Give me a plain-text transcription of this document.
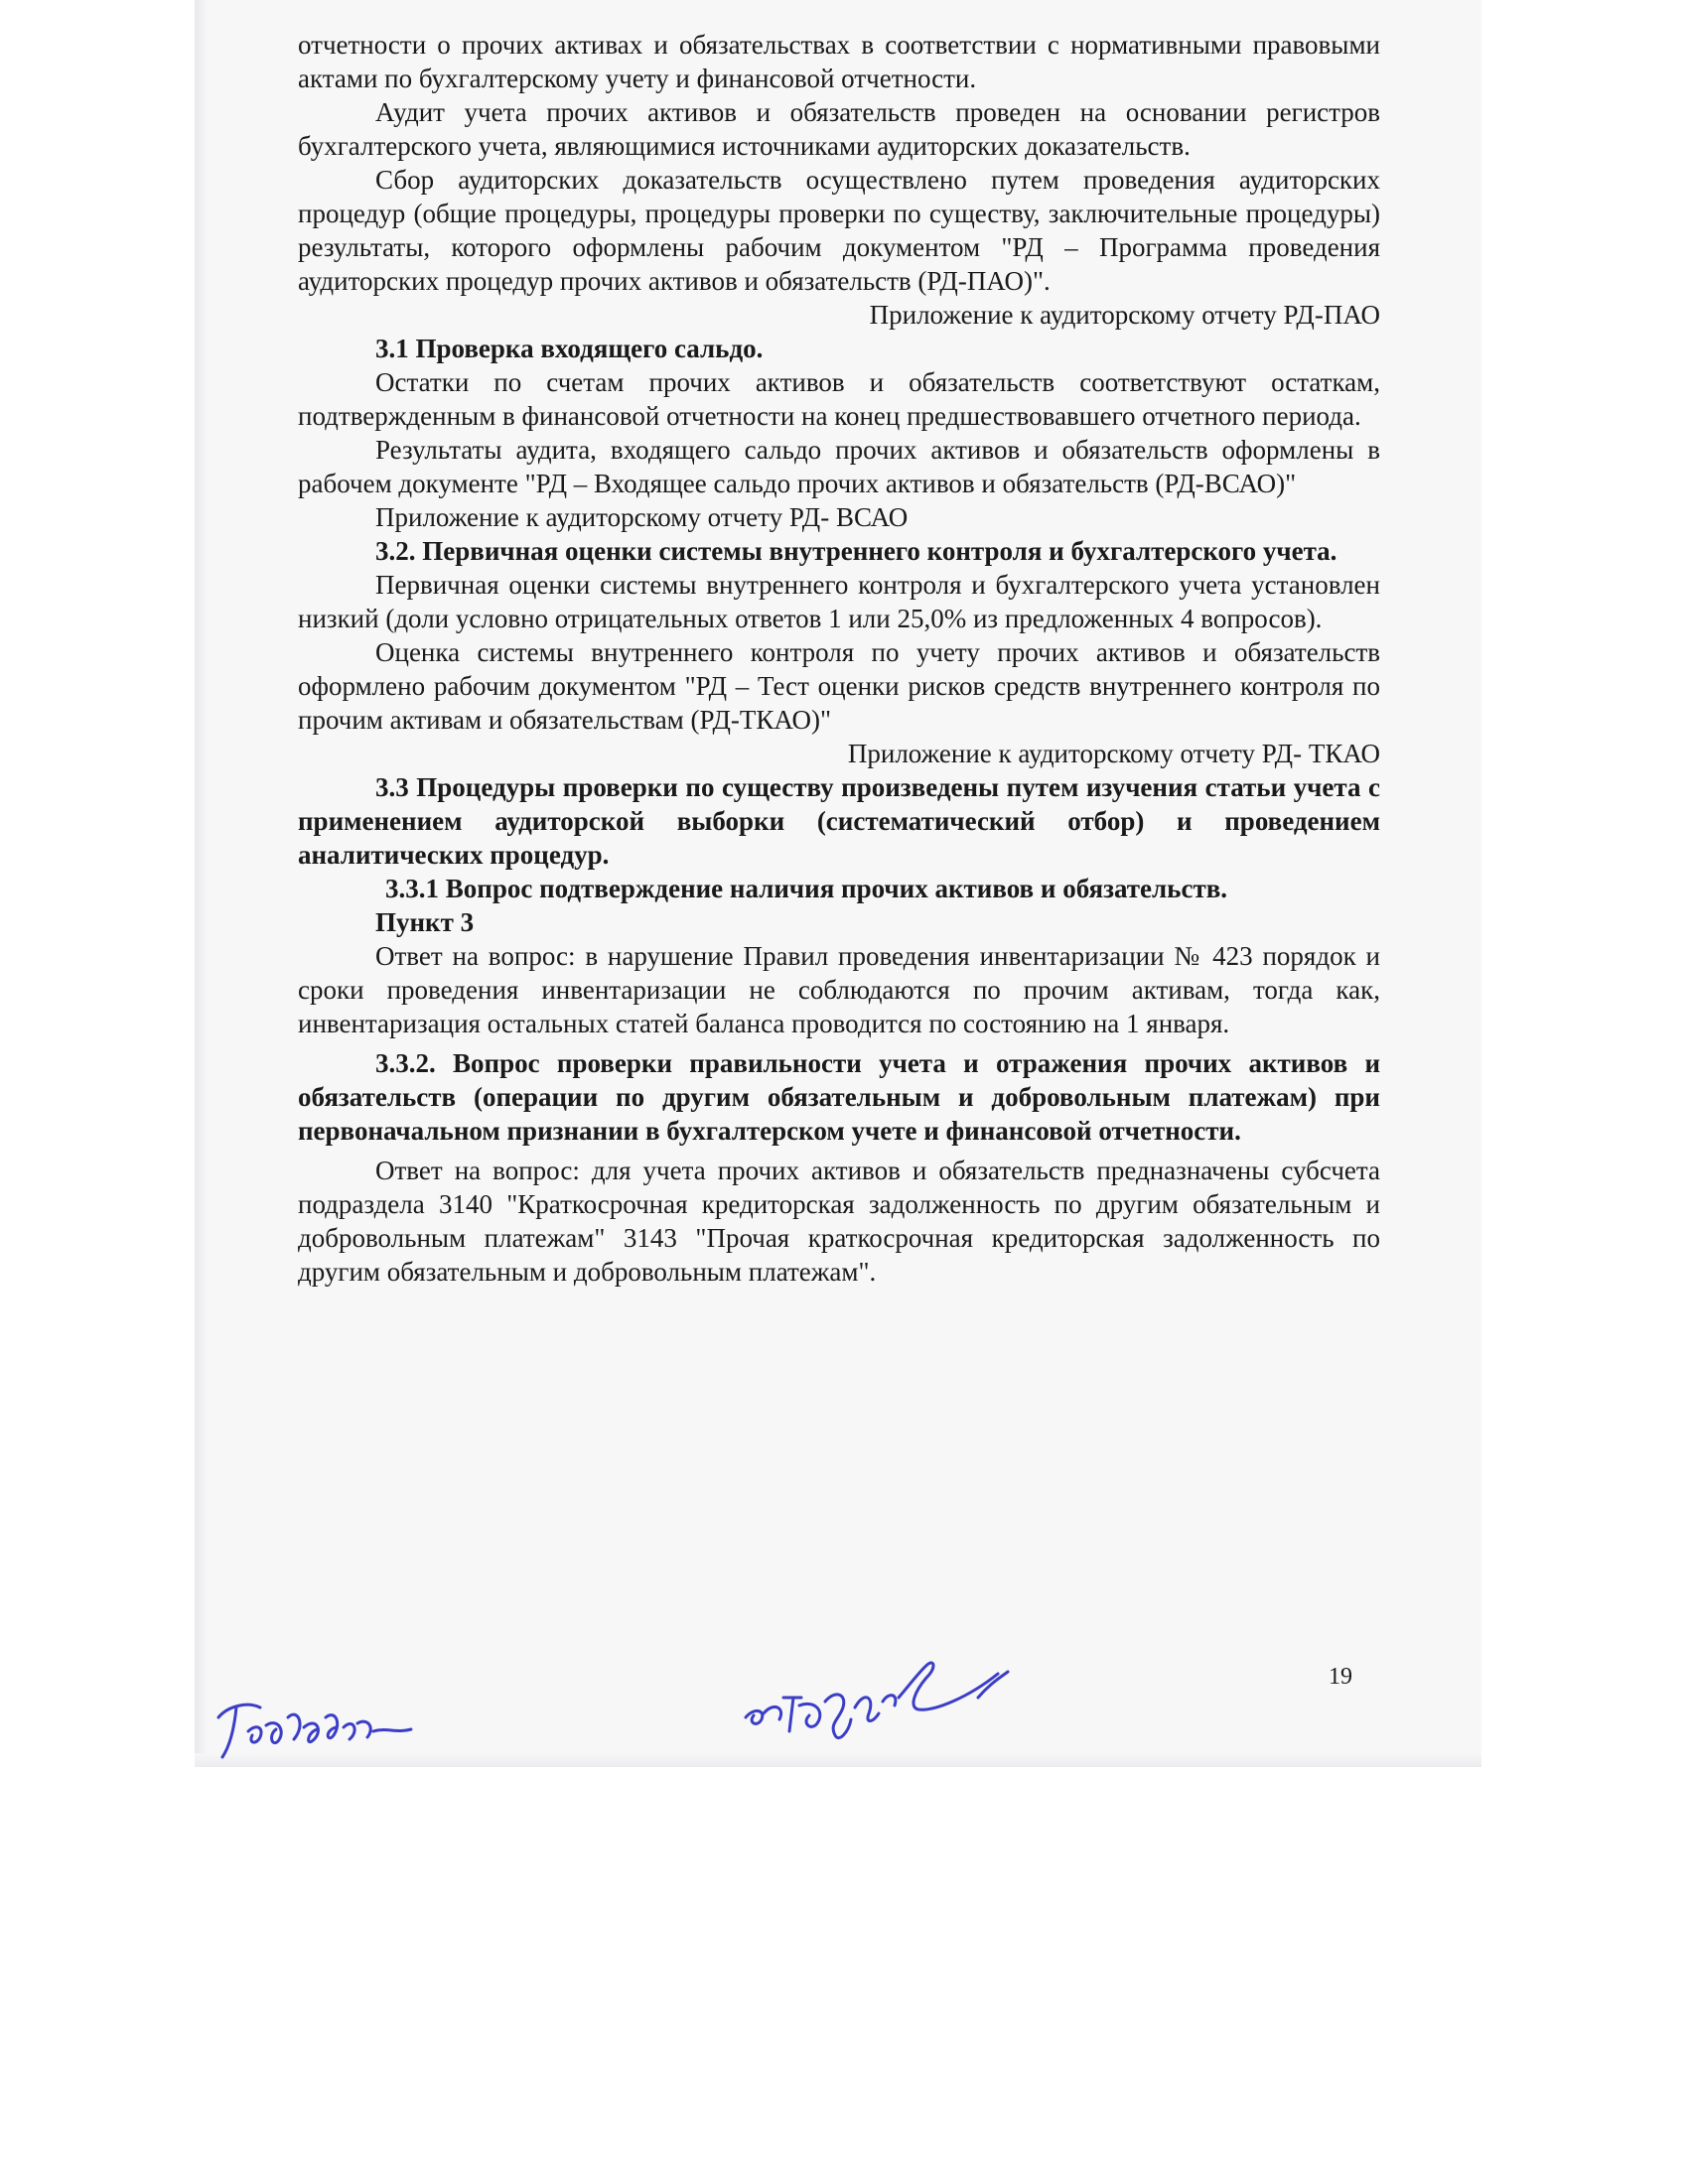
отчетности о прочих активах и обязательствах в соответствии с нормативными правовыми актами по бухгалтерскому учету и финансовой отчетности.

Аудит учета прочих активов и обязательств проведен на основании регистров бухгалтерского учета, являющимися источниками аудиторских доказательств.

Сбор аудиторских доказательств осуществлено путем проведения аудиторских процедур (общие процедуры, процедуры проверки по существу, заключительные процедуры) результаты, которого оформлены рабочим документом "РД – Программа проведения аудиторских процедур прочих активов и обязательств (РД-ПАО)".

Приложение к аудиторскому отчету РД-ПАО

3.1 Проверка входящего сальдо.

Остатки по счетам прочих активов и обязательств соответствуют остаткам, подтвержденным в финансовой отчетности на конец предшествовавшего отчетного периода.

Результаты аудита, входящего сальдо прочих активов и обязательств оформлены в рабочем документе "РД – Входящее сальдо прочих активов и обязательств (РД-ВСАО)"

Приложение к аудиторскому отчету РД- ВСАО

3.2. Первичная оценки системы внутреннего контроля и бухгалтерского учета.

Первичная оценки системы внутреннего контроля и бухгалтерского учета установлен низкий (доли условно отрицательных ответов 1 или 25,0% из предложенных 4 вопросов).

Оценка системы внутреннего контроля по учету прочих активов и обязательств оформлено рабочим документом "РД – Тест оценки рисков средств внутреннего контроля по прочим активам и обязательствам (РД-ТКАО)"

Приложение к аудиторскому отчету РД- ТКАО

3.3 Процедуры проверки по существу произведены путем изучения статьи учета с применением аудиторской выборки (систематический отбор) и проведением аналитических процедур.

3.3.1 Вопрос подтверждение наличия прочих активов и обязательств.

Пункт 3

Ответ на вопрос: в нарушение Правил проведения инвентаризации № 423 порядок и сроки проведения инвентаризации не соблюдаются по прочим активам, тогда как, инвентаризация остальных статей баланса проводится по состоянию на 1 января.

3.3.2. Вопрос проверки правильности учета и отражения прочих активов и обязательств (операции по другим обязательным и добровольным платежам) при первоначальном признании в бухгалтерском учете и финансовой отчетности.

Ответ на вопрос: для учета прочих активов и обязательств предназначены субсчета подраздела 3140 "Краткосрочная кредиторская задолженность по другим обязательным и добровольным платежам" 3143 "Прочая краткосрочная кредиторская задолженность по другим обязательным и добровольным платежам".

19
